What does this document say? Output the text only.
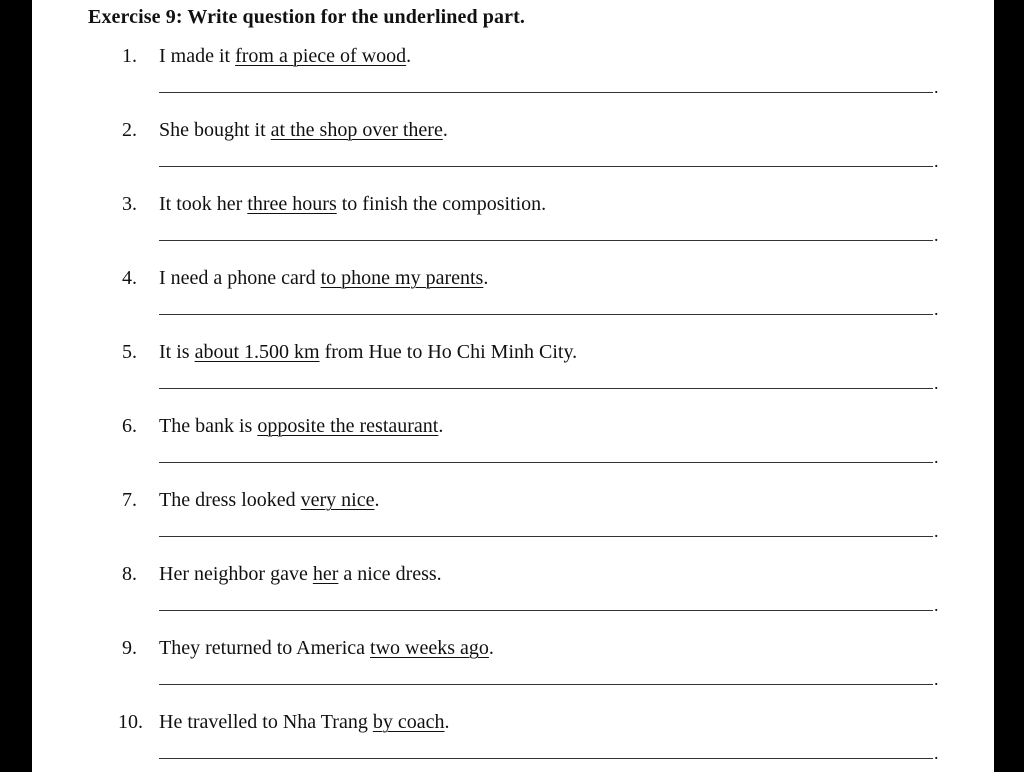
Exercise 9: Write question for the underlined part.
1. I made it from a piece of wood.
.
2. She bought it at the shop over there.
.
3. It took her three hours to finish the composition.
.
4. I need a phone card to phone my parents.
.
5. It is about 1.500 km from Hue to Ho Chi Minh City.
.
6. The bank is opposite the restaurant.
.
7. The dress looked very nice.
.
8. Her neighbor gave her a nice dress.
.
9. They returned to America two weeks ago.
.
10. He travelled to Nha Trang by coach.
.
